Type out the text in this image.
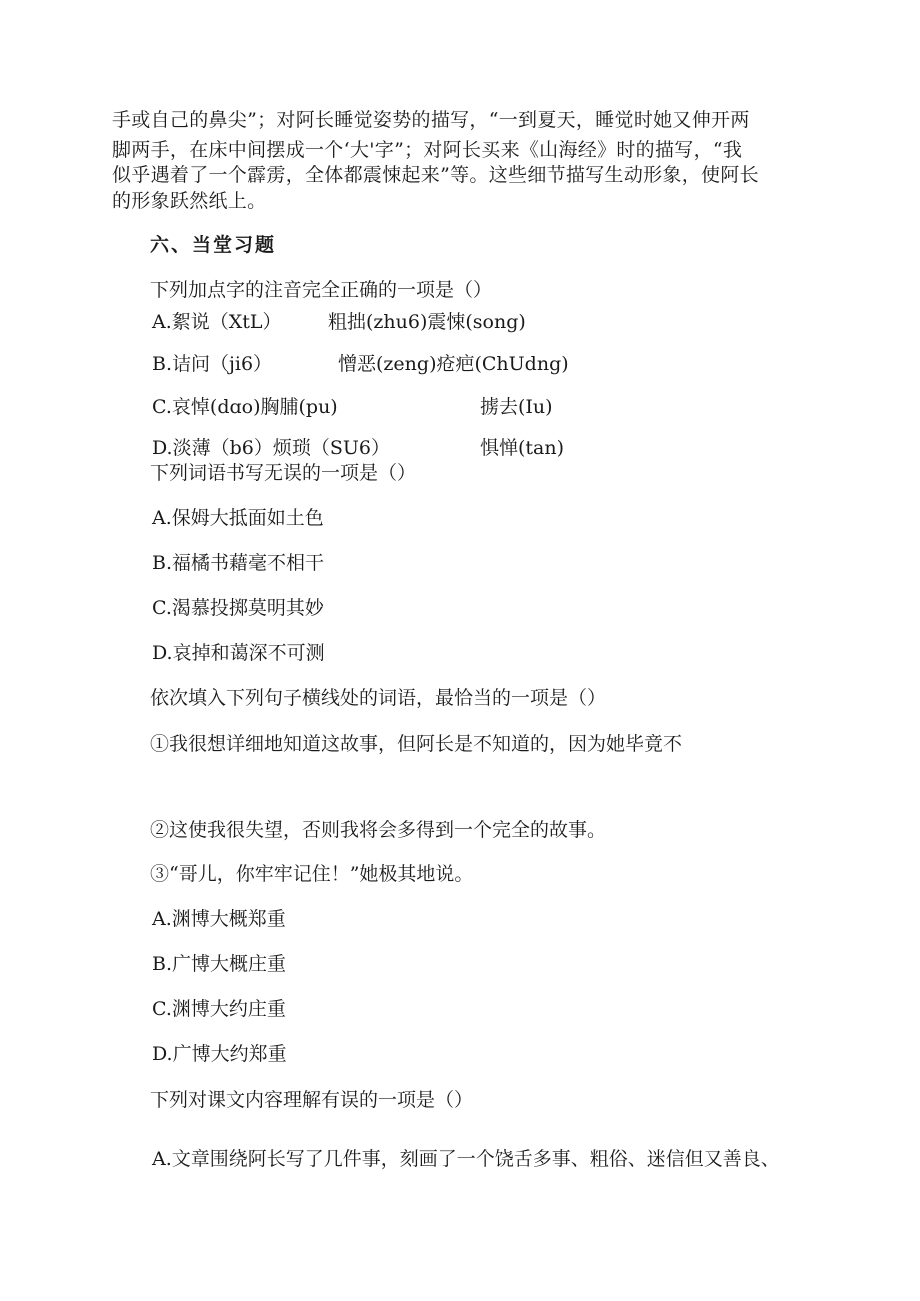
手或自己的鼻尖”；对阿长睡觉姿势的描写，“一到夏天，睡觉时她又伸开两
脚两手，在床中间摆成一个‘大'字”；对阿长买来《山海经》时的描写，“我
似乎遇着了一个霹雳，全体都震悚起来”等。这些细节描写生动形象，使阿长
的形象跃然纸上。
六、当堂习题
下列加点字的注音完全正确的一项是（）
A.絮说（XtL） 粗拙(zhu6)震悚(song)
B.诘问（ji6）	憎恶(zeng)疮疤(ChUdng)
C.哀悼(dɑo)胸脯(pu)	掳去(Iu)
D.淡薄（b6）烦琐（SU6）	惧惮(tan)
下列词语书写无误的一项是（）
A.保姆大抵面如土色
B.福橘书藉毫不相干
C.渴慕投掷莫明其妙
D.哀掉和蔼深不可测
依次填入下列句子横线处的词语，最恰当的一项是（）
①我很想详细地知道这故事，但阿长是不知道的，因为她毕竟不
②这使我很失望，否则我将会多得到一个完全的故事。
③“哥儿，你牢牢记住！”她极其地说。
A.渊博大概郑重
B.广博大概庄重
C.渊博大约庄重
D.广博大约郑重
下列对课文内容理解有误的一项是（）
A.文章围绕阿长写了几件事，刻画了一个饶舌多事、粗俗、迷信但又善良、
